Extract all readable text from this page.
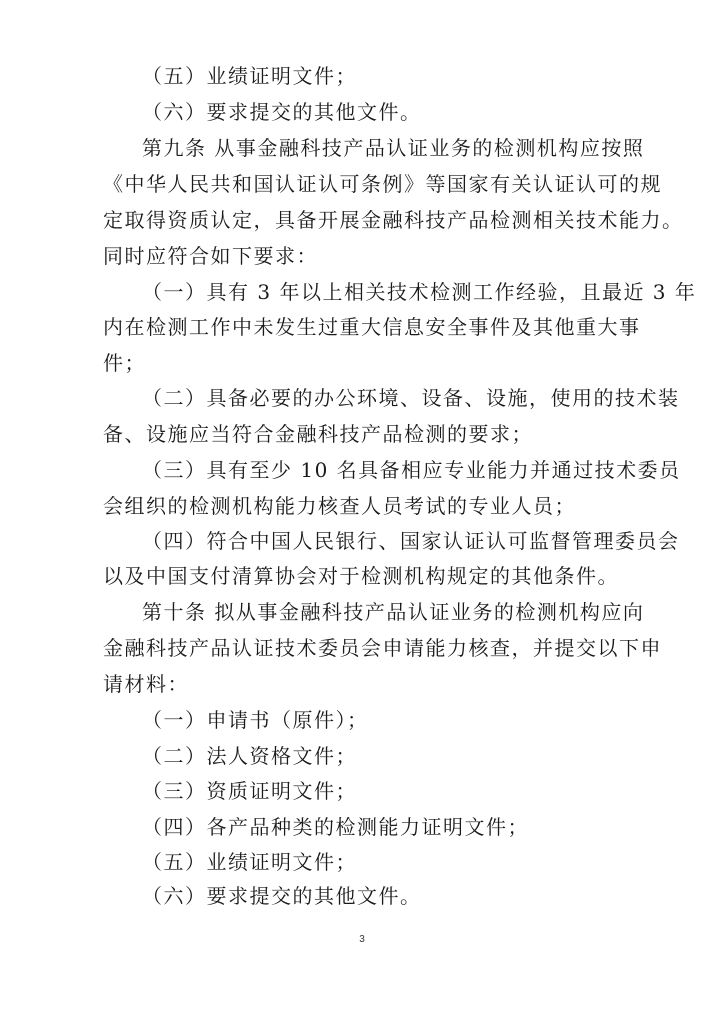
（五）业绩证明文件；
（六）要求提交的其他文件。
第九条 从事金融科技产品认证业务的检测机构应按照
《中华人民共和国认证认可条例》等国家有关认证认可的规
定取得资质认定，具备开展金融科技产品检测相关技术能力。
同时应符合如下要求：
（一）具有 3 年以上相关技术检测工作经验，且最近 3 年
内在检测工作中未发生过重大信息安全事件及其他重大事
件；
（二）具备必要的办公环境、设备、设施，使用的技术装
备、设施应当符合金融科技产品检测的要求；
（三）具有至少 10 名具备相应专业能力并通过技术委员
会组织的检测机构能力核查人员考试的专业人员；
（四）符合中国人民银行、国家认证认可监督管理委员会
以及中国支付清算协会对于检测机构规定的其他条件。
第十条 拟从事金融科技产品认证业务的检测机构应向
金融科技产品认证技术委员会申请能力核查，并提交以下申
请材料：
（一）申请书（原件）；
（二）法人资格文件；
（三）资质证明文件；
（四）各产品种类的检测能力证明文件；
（五）业绩证明文件；
（六）要求提交的其他文件。
3
